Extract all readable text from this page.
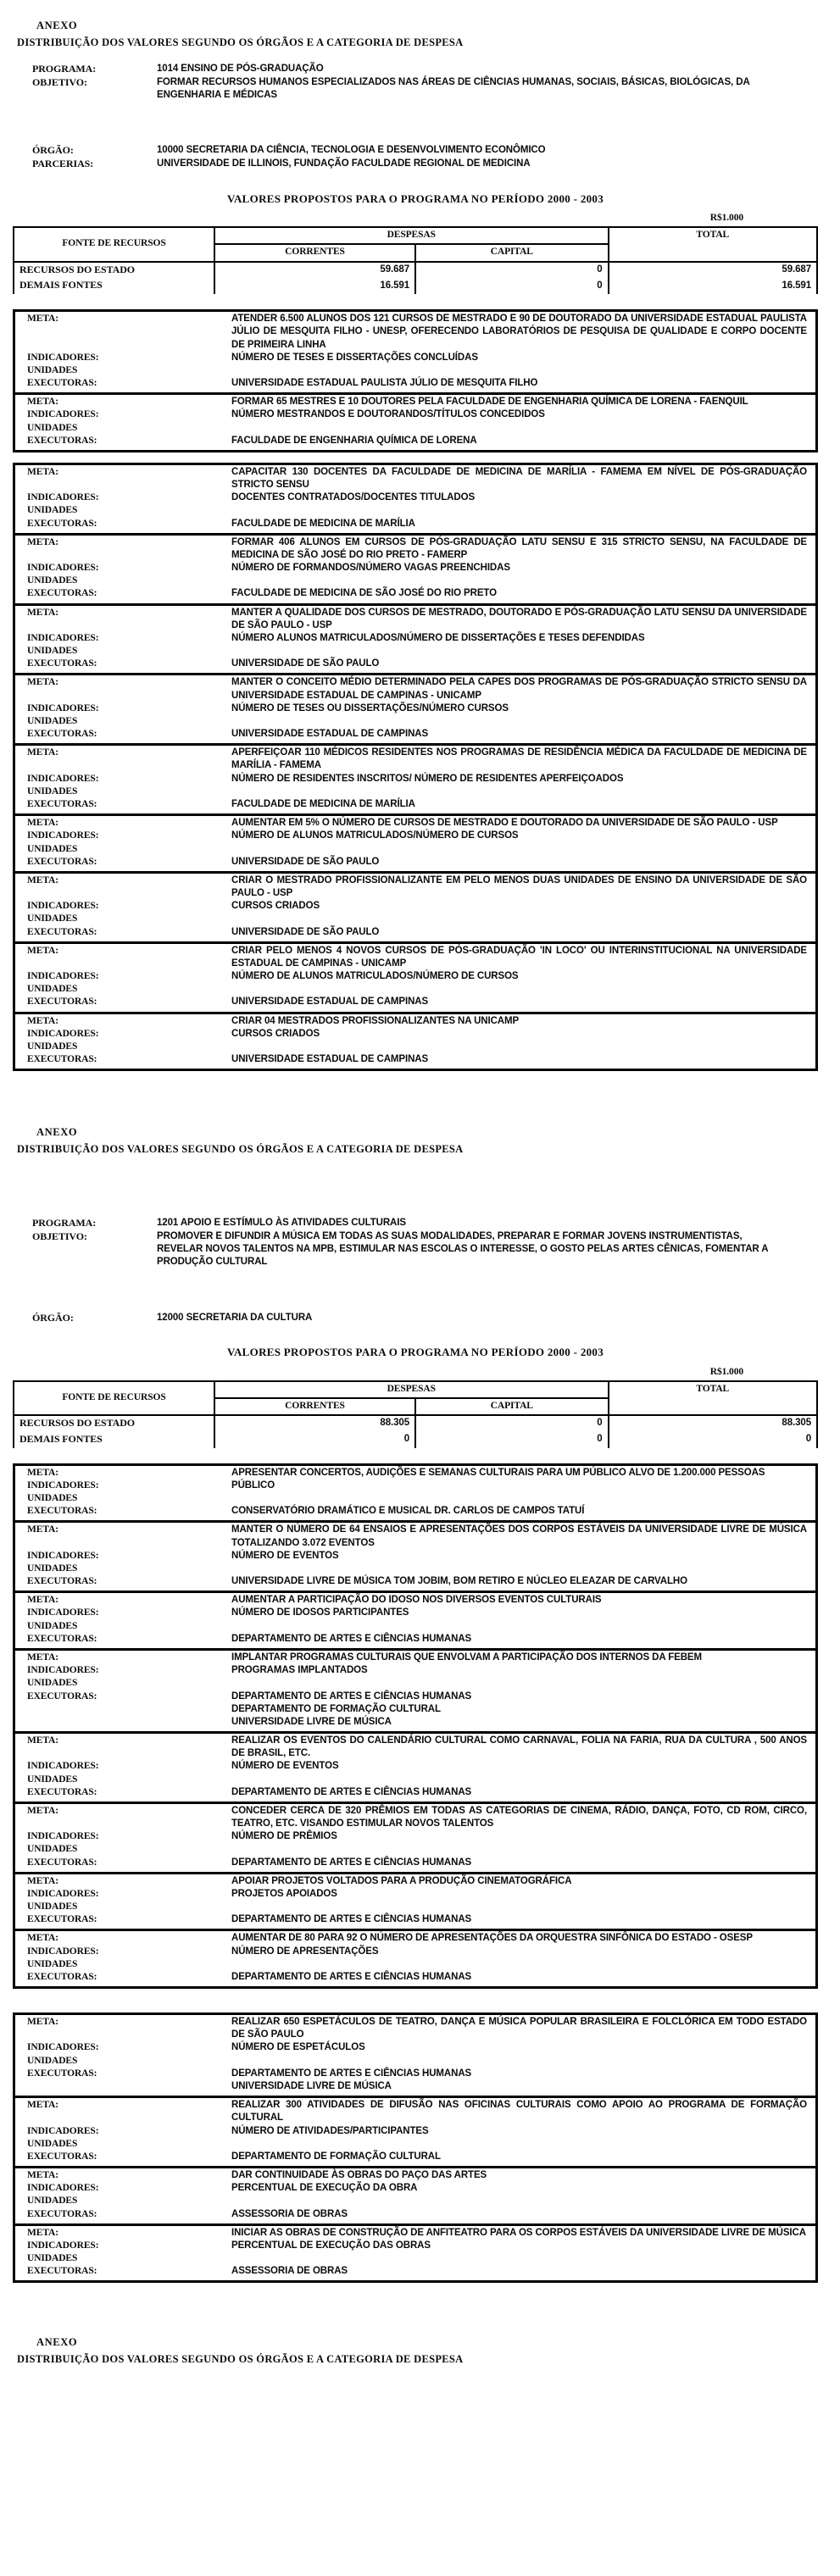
ANEXO
DISTRIBUIÇÃO DOS VALORES SEGUNDO OS ÓRGÃOS E A CATEGORIA DE DESPESA
PROGRAMA:	1014 ENSINO DE PÓS-GRADUAÇÃO
OBJETIVO:	FORMAR RECURSOS HUMANOS ESPECIALIZADOS NAS ÁREAS DE CIÊNCIAS HUMANAS, SOCIAIS, BÁSICAS, BIOLÓGICAS, DA ENGENHARIA E MÉDICAS
ÓRGÃO:	10000 SECRETARIA DA CIÊNCIA, TECNOLOGIA E DESENVOLVIMENTO ECONÔMICO
PARCERIAS:	UNIVERSIDADE DE ILLINOIS, FUNDAÇÃO FACULDADE REGIONAL DE MEDICINA
VALORES PROPOSTOS PARA O PROGRAMA NO PERÍODO 2000 - 2003
R$1.000
FONTE DE RECURSOS	DESPESAS		TOTAL
	CORRENTES	CAPITAL	
RECURSOS DO ESTADO	59.687	0	59.687
DEMAIS FONTES	16.591	0	16.591
META:	ATENDER 6.500 ALUNOS DOS 121 CURSOS DE MESTRADO E 90 DE DOUTORADO DA UNIVERSIDADE ESTADUAL PAULISTA JÚLIO DE MESQUITA FILHO - UNESP, OFERECENDO LABORATÓRIOS DE PESQUISA DE QUALIDADE E CORPO DOCENTE DE PRIMEIRA LINHA
INDICADORES:	NÚMERO DE TESES E DISSERTAÇÕES CONCLUÍDAS
UNIDADES
EXECUTORAS:	UNIVERSIDADE ESTADUAL PAULISTA JÚLIO DE MESQUITA FILHO
META:	FORMAR 65 MESTRES E 10 DOUTORES PELA FACULDADE DE ENGENHARIA QUÍMICA DE LORENA - FAENQUIL
INDICADORES:	NÚMERO MESTRANDOS E DOUTORANDOS/TÍTULOS CONCEDIDOS
UNIDADES
EXECUTORAS:	FACULDADE DE ENGENHARIA QUÍMICA DE LORENA
META:	CAPACITAR 130 DOCENTES DA FACULDADE DE MEDICINA DE MARÍLIA - FAMEMA EM NÍVEL DE PÓS-GRADUAÇÃO STRICTO SENSU
INDICADORES:	DOCENTES CONTRATADOS/DOCENTES TITULADOS
UNIDADES
EXECUTORAS:	FACULDADE DE MEDICINA DE MARÍLIA
META:	FORMAR 406 ALUNOS EM CURSOS DE PÓS-GRADUAÇÃO LATU SENSU E 315 STRICTO SENSU, NA FACULDADE DE MEDICINA DE SÃO JOSÉ DO RIO PRETO - FAMERP
INDICADORES:	NÚMERO DE FORMANDOS/NÚMERO VAGAS PREENCHIDAS
UNIDADES
EXECUTORAS:	FACULDADE DE MEDICINA DE SÃO JOSÉ DO RIO PRETO
META:	MANTER A QUALIDADE DOS CURSOS DE MESTRADO, DOUTORADO E PÓS-GRADUAÇÃO LATU SENSU DA UNIVERSIDADE DE SÃO PAULO - USP
INDICADORES:	NÚMERO ALUNOS MATRICULADOS/NÚMERO DE DISSERTAÇÕES E TESES DEFENDIDAS
UNIDADES
EXECUTORAS:	UNIVERSIDADE DE SÃO PAULO
META:	MANTER O CONCEITO MÉDIO DETERMINADO PELA CAPES DOS PROGRAMAS DE PÓS-GRADUAÇÃO STRICTO SENSU DA UNIVERSIDADE ESTADUAL DE CAMPINAS - UNICAMP
INDICADORES:	NÚMERO DE TESES OU DISSERTAÇÕES/NÚMERO CURSOS
UNIDADES
EXECUTORAS:	UNIVERSIDADE ESTADUAL DE CAMPINAS
META:	APERFEIÇOAR 110 MÉDICOS RESIDENTES NOS PROGRAMAS DE RESIDÊNCIA MÉDICA DA FACULDADE DE MEDICINA DE MARÍLIA - FAMEMA
INDICADORES:	NÚMERO DE RESIDENTES INSCRITOS/ NÚMERO DE RESIDENTES APERFEIÇOADOS
UNIDADES
EXECUTORAS:	FACULDADE DE MEDICINA DE MARÍLIA
META:	AUMENTAR EM 5% O NÚMERO DE CURSOS DE MESTRADO E DOUTORADO DA UNIVERSIDADE DE SÃO PAULO - USP
INDICADORES:	NÚMERO DE ALUNOS MATRICULADOS/NÚMERO DE CURSOS
UNIDADES
EXECUTORAS:	UNIVERSIDADE DE SÃO PAULO
META:	CRIAR O MESTRADO PROFISSIONALIZANTE EM PELO MENOS DUAS UNIDADES DE ENSINO DA UNIVERSIDADE DE SÃO PAULO - USP
INDICADORES:	CURSOS CRIADOS
UNIDADES
EXECUTORAS:	UNIVERSIDADE DE SÃO PAULO
META:	CRIAR PELO MENOS 4 NOVOS CURSOS DE PÓS-GRADUAÇÃO 'IN LOCO' OU INTERINSTITUCIONAL NA UNIVERSIDADE ESTADUAL DE CAMPINAS - UNICAMP
INDICADORES:	NÚMERO DE ALUNOS MATRICULADOS/NÚMERO DE CURSOS
UNIDADES
EXECUTORAS:	UNIVERSIDADE ESTADUAL DE CAMPINAS
META:	CRIAR 04 MESTRADOS PROFISSIONALIZANTES NA UNICAMP
INDICADORES:	CURSOS CRIADOS
UNIDADES
EXECUTORAS:	UNIVERSIDADE ESTADUAL DE CAMPINAS
ANEXO
DISTRIBUIÇÃO DOS VALORES SEGUNDO OS ÓRGÃOS E A CATEGORIA DE DESPESA
PROGRAMA:	1201 APOIO E ESTÍMULO ÀS ATIVIDADES CULTURAIS
OBJETIVO:	PROMOVER E DIFUNDIR A MÚSICA EM TODAS AS SUAS MODALIDADES, PREPARAR E FORMAR JOVENS INSTRUMENTISTAS, REVELAR NOVOS TALENTOS NA MPB, ESTIMULAR NAS ESCOLAS O INTERESSE, O GOSTO PELAS ARTES CÊNICAS, FOMENTAR A PRODUÇÃO CULTURAL
ÓRGÃO:	12000 SECRETARIA DA CULTURA
VALORES PROPOSTOS PARA O PROGRAMA NO PERÍODO 2000 - 2003
R$1.000
FONTE DE RECURSOS	DESPESAS		TOTAL
	CORRENTES	CAPITAL	
RECURSOS DO ESTADO	88.305	0	88.305
DEMAIS FONTES	0	0	0
META:	APRESENTAR CONCERTOS, AUDIÇÕES E SEMANAS CULTURAIS PARA UM PÚBLICO ALVO DE 1.200.000 PESSOAS
INDICADORES:	PÚBLICO
UNIDADES
EXECUTORAS:	CONSERVATÓRIO DRAMÁTICO E MUSICAL DR. CARLOS DE CAMPOS TATUÍ
META:	MANTER O NÚMERO DE 64 ENSAIOS E APRESENTAÇÕES DOS CORPOS ESTÁVEIS DA UNIVERSIDADE LIVRE DE MÚSICA TOTALIZANDO 3.072 EVENTOS
INDICADORES:	NÚMERO DE EVENTOS
UNIDADES
EXECUTORAS:	UNIVERSIDADE LIVRE DE MÚSICA TOM JOBIM, BOM RETIRO E NÚCLEO ELEAZAR DE CARVALHO
META:	AUMENTAR A PARTICIPAÇÃO DO IDOSO NOS DIVERSOS EVENTOS CULTURAIS
INDICADORES:	NÚMERO DE IDOSOS PARTICIPANTES
UNIDADES
EXECUTORAS:	DEPARTAMENTO DE ARTES E CIÊNCIAS HUMANAS
META:	IMPLANTAR PROGRAMAS CULTURAIS QUE ENVOLVAM A PARTICIPAÇÃO DOS INTERNOS DA FEBEM
INDICADORES:	PROGRAMAS IMPLANTADOS
UNIDADES
EXECUTORAS:	DEPARTAMENTO DE ARTES E CIÊNCIAS HUMANAS
DEPARTAMENTO DE FORMAÇÃO CULTURAL
UNIVERSIDADE LIVRE DE MÚSICA
META:	REALIZAR OS EVENTOS DO CALENDÁRIO CULTURAL COMO CARNAVAL, FOLIA NA FARIA, RUA DA CULTURA , 500 ANOS DE BRASIL, ETC.
INDICADORES:	NÚMERO DE EVENTOS
UNIDADES
EXECUTORAS:	DEPARTAMENTO DE ARTES E CIÊNCIAS HUMANAS
META:	CONCEDER CERCA DE 320 PRÊMIOS EM TODAS AS CATEGORIAS DE CINEMA, RÁDIO, DANÇA, FOTO, CD ROM, CIRCO, TEATRO, ETC. VISANDO ESTIMULAR NOVOS TALENTOS
INDICADORES:	NÚMERO DE PRÊMIOS
UNIDADES
EXECUTORAS:	DEPARTAMENTO DE ARTES E CIÊNCIAS HUMANAS
META:	APOIAR PROJETOS VOLTADOS PARA A PRODUÇÃO CINEMATOGRÁFICA
INDICADORES:	PROJETOS APOIADOS
UNIDADES
EXECUTORAS:	DEPARTAMENTO DE ARTES E CIÊNCIAS HUMANAS
META:	AUMENTAR DE 80 PARA 92 O NÚMERO DE APRESENTAÇÕES DA ORQUESTRA SINFÔNICA DO ESTADO - OSESP
INDICADORES:	NÚMERO DE APRESENTAÇÕES
UNIDADES
EXECUTORAS:	DEPARTAMENTO DE ARTES E CIÊNCIAS HUMANAS
META:	REALIZAR 650 ESPETÁCULOS DE TEATRO, DANÇA E MÚSICA POPULAR BRASILEIRA E FOLCLÓRICA EM TODO ESTADO DE SÃO PAULO
INDICADORES:	NÚMERO DE ESPETÁCULOS
UNIDADES
EXECUTORAS:	DEPARTAMENTO DE ARTES E CIÊNCIAS HUMANAS
UNIVERSIDADE LIVRE DE MÚSICA
META:	REALIZAR 300 ATIVIDADES DE DIFUSÃO NAS OFICINAS CULTURAIS COMO APOIO AO PROGRAMA DE FORMAÇÃO CULTURAL
INDICADORES:	NÚMERO DE ATIVIDADES/PARTICIPANTES
UNIDADES
EXECUTORAS:	DEPARTAMENTO DE FORMAÇÃO CULTURAL
META:	DAR CONTINUIDADE ÀS OBRAS DO PAÇO DAS ARTES
INDICADORES:	PERCENTUAL DE EXECUÇÃO DA OBRA
UNIDADES
EXECUTORAS:	ASSESSORIA DE OBRAS
META:	INICIAR AS OBRAS DE CONSTRUÇÃO DE ANFITEATRO PARA OS CORPOS ESTÁVEIS DA UNIVERSIDADE LIVRE DE MÚSICA
INDICADORES:	PERCENTUAL DE EXECUÇÃO DAS OBRAS
UNIDADES
EXECUTORAS:	ASSESSORIA DE OBRAS
ANEXO
DISTRIBUIÇÃO DOS VALORES SEGUNDO OS ÓRGÃOS E A CATEGORIA DE DESPESA
